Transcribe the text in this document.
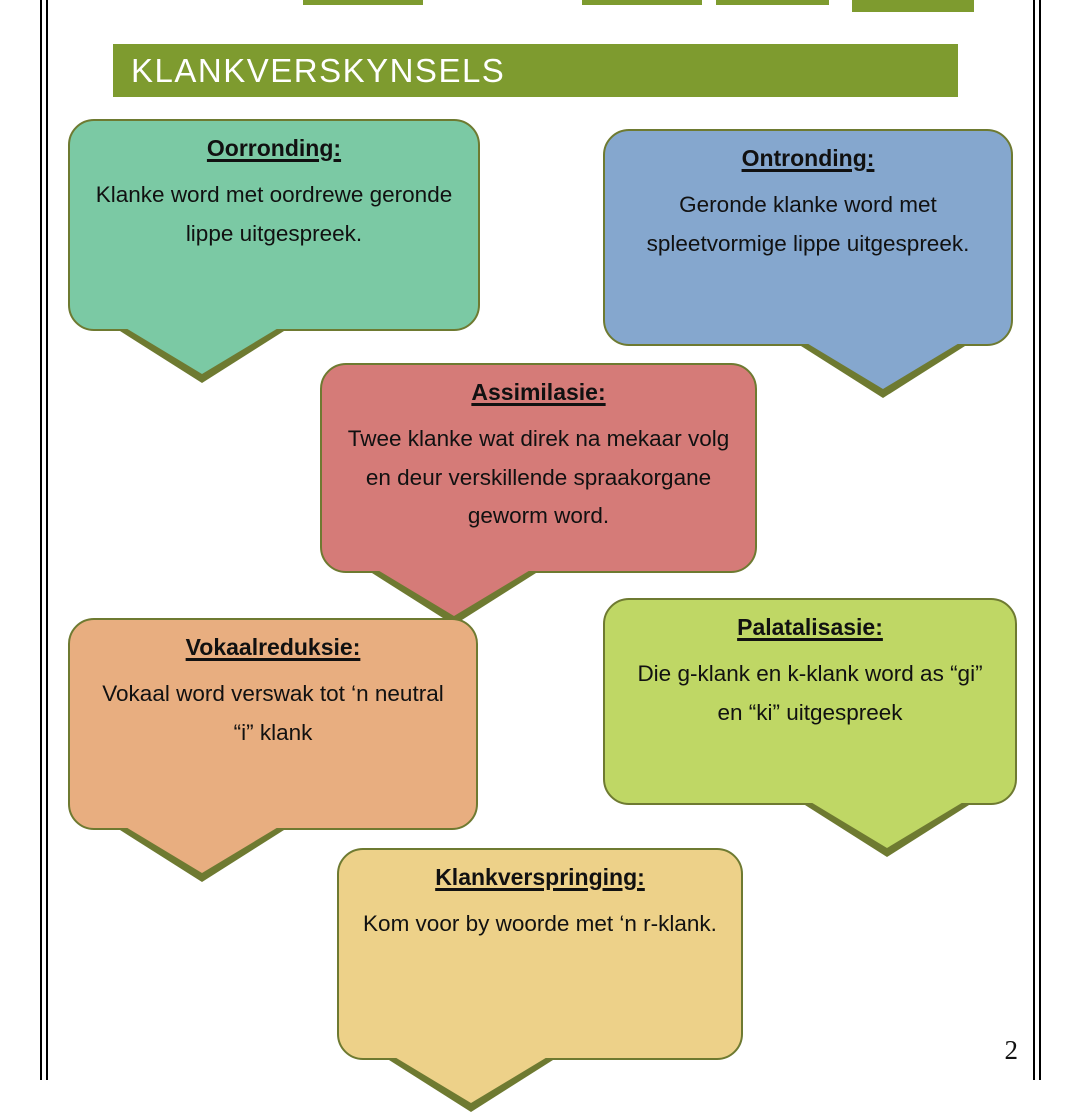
KLANKVERSKYNSELS
Oorronding:
Klanke word met oordrewe geronde lippe uitgespreek.
Ontronding:
Geronde klanke word met spleetvormige lippe uitgespreek.
Assimilasie:
Twee klanke wat direk na mekaar volg en deur verskillende spraakorgane geworm word.
Vokaalreduksie:
Vokaal word verswak tot ‘n neutral “i” klank
Palatalisasie:
Die g-klank en k-klank word as “gi” en “ki” uitgespreek
Klankverspringing:
Kom voor by woorde met ‘n r-klank.
2
